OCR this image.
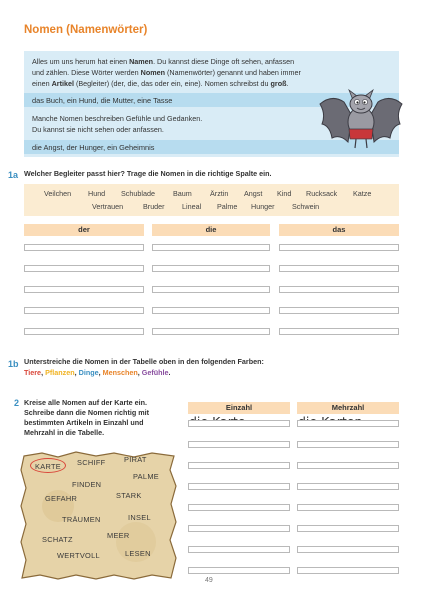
Nomen (Namenwörter)
Alles um uns herum hat einen Namen. Du kannst diese Dinge oft sehen, anfassen
und zählen. Diese Wörter werden Nomen (Namenwörter) genannt und haben immer
einen Artikel (Begleiter) (der, die, das oder ein, eine). Nomen schreibst du groß.
das Buch, ein Hund, die Mutter, eine Tasse
Manche Nomen beschreiben Gefühle und Gedanken.
Du kannst sie nicht sehen oder anfassen.
die Angst, der Hunger, ein Geheimnis
1a Welcher Begleiter passt hier? Trage die Nomen in die richtige Spalte ein.
Veilchen Hund Schublade	Baum	Ärztin Angst Kind Rucksack Katze
Vertrauen	Bruder Lineal Palme Hunger Schwein
der	die	das
1b Unterstreiche die Nomen in der Tabelle oben in den folgenden Farben:
Tiere, Pflanzen, Dinge, Menschen, Gefühle.
2 Kreise alle Nomen auf der Karte ein.
Schreibe dann die Nomen richtig mit
bestimmten Artikeln in Einzahl und
Mehrzahl in die Tabelle.
KARTE SCHIFF	PIRAT
PALME
FINDEN
GEFAHR	STARK
TRÄUMEN	INSEL
SCHATZ	MEER
WERTVOLL	LESEN
Einzahl	Mehrzahl
49
